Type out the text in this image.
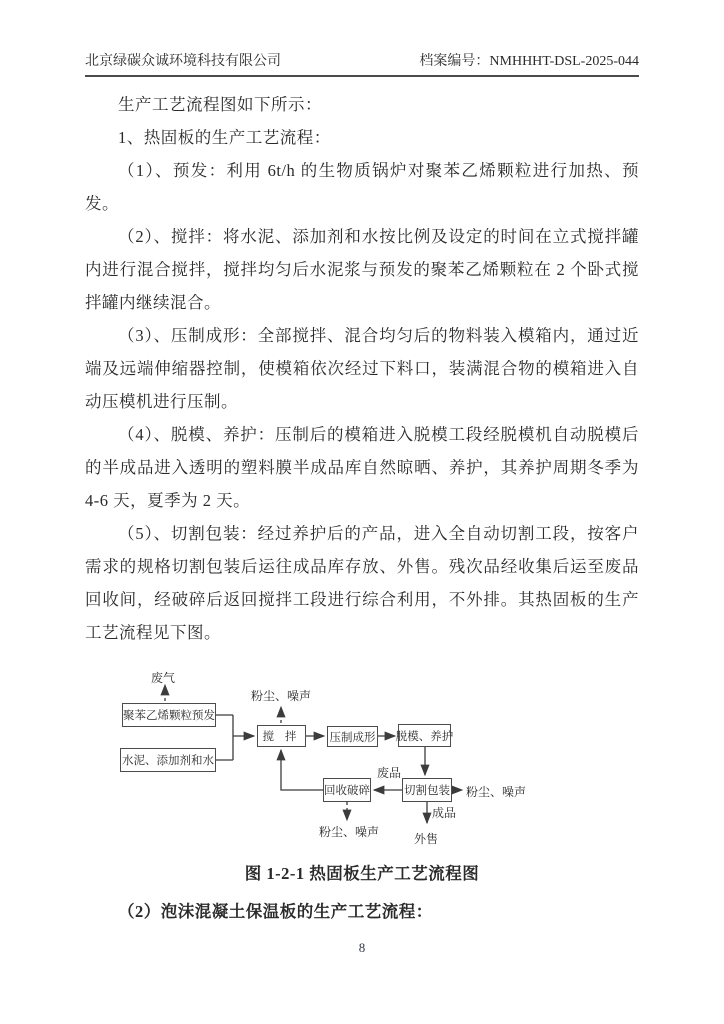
北京绿碳众诚环境科技有限公司	档案编号：NMHHHT-DSL-2025-044

生产工艺流程图如下所示：

1、热固板的生产工艺流程：

（1）、预发：利用 6t/h 的生物质锅炉对聚苯乙烯颗粒进行加热、预发。

（2）、搅拌：将水泥、添加剂和水按比例及设定的时间在立式搅拌罐内进行混合搅拌，搅拌均匀后水泥浆与预发的聚苯乙烯颗粒在 2 个卧式搅拌罐内继续混合。

（3）、压制成形：全部搅拌、混合均匀后的物料装入模箱内，通过近端及远端伸缩器控制，使模箱依次经过下料口，装满混合物的模箱进入自动压模机进行压制。

（4）、脱模、养护：压制后的模箱进入脱模工段经脱模机自动脱模后的半成品进入透明的塑料膜半成品库自然晾晒、养护，其养护周期冬季为 4-6 天，夏季为 2 天。

（5）、切割包装：经过养护后的产品，进入全自动切割工段，按客户需求的规格切割包装后运往成品库存放、外售。残次品经收集后运至废品回收间，经破碎后返回搅拌工段进行综合利用，不外排。其热固板的生产工艺流程见下图。

聚苯乙烯颗粒预发
水泥、添加剂和水
搅 拌	压制成形 脱模、养护
切割包装
回收破碎
废气
粉尘、噪声
废品
粉尘、噪声
成品
外售
粉尘、噪声
图 1-2-1 热固板生产工艺流程图
（2）泡沫混凝土保温板的生产工艺流程：
8
